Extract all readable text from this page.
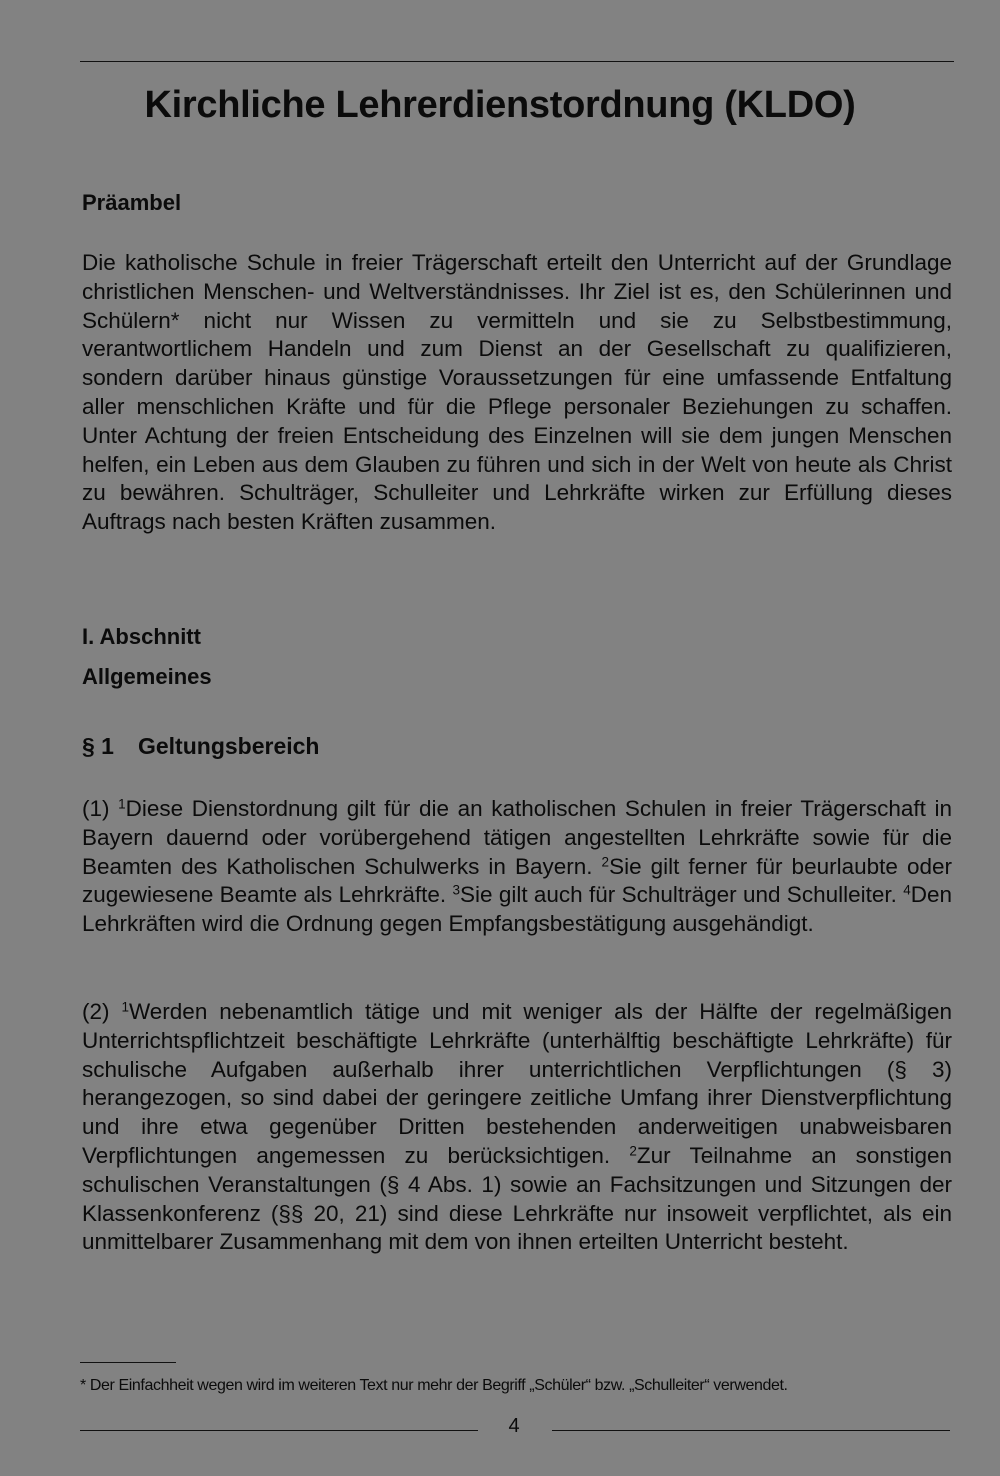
Kirchliche Lehrerdienstordnung (KLDO)
Präambel

Die katholische Schule in freier Trägerschaft erteilt den Unterricht auf der Grundlage christlichen Menschen- und Weltverständnisses. Ihr Ziel ist es, den Schülerinnen und Schülern* nicht nur Wissen zu vermitteln und sie zu Selbstbestimmung, verantwortlichem Handeln und zum Dienst an der Gesellschaft zu qualifizieren, sondern darüber hinaus günstige Voraussetzungen für eine umfassende Entfaltung aller menschlichen Kräfte und für die Pflege personaler Beziehungen zu schaffen. Unter Achtung der freien Entscheidung des Einzelnen will sie dem jungen Menschen helfen, ein Leben aus dem Glauben zu führen und sich in der Welt von heute als Christ zu bewähren. Schulträger, Schulleiter und Lehrkräfte wirken zur Erfüllung dieses Auftrags nach besten Kräften zusammen.

I. Abschnitt
Allgemeines
§ 1 Geltungsbereich

(1) $^1$Diese Dienstordnung gilt für die an katholischen Schulen in freier Trägerschaft in Bayern dauernd oder vorübergehend tätigen angestellten Lehrkräfte sowie für die Beamten des Katholischen Schulwerks in Bayern. $^2$Sie gilt ferner für beurlaubte oder zugewiesene Beamte als Lehrkräfte. $^3$Sie gilt auch für Schulträger und Schulleiter. $^4$Den Lehrkräften wird die Ordnung gegen Empfangsbestätigung ausgehändigt.

(2) $^1$Werden nebenamtlich tätige und mit weniger als der Hälfte der regelmäßigen Unterrichtspflichtzeit beschäftigte Lehrkräfte (unterhälftig beschäftigte Lehrkräfte) für schulische Aufgaben außerhalb ihrer unterrichtlichen Verpflichtungen (§ 3) herangezogen, so sind dabei der geringere zeitliche Umfang ihrer Dienstverpflichtung und ihre etwa gegenüber Dritten bestehenden anderweitigen unabweisbaren Verpflichtungen angemessen zu berücksichtigen. $^2$Zur Teilnahme an sonstigen schulischen Veranstaltungen (§ 4 Abs. 1) sowie an Fachsitzungen und Sitzungen der Klassenkonferenz (§§ 20, 21) sind diese Lehrkräfte nur insoweit verpflichtet, als ein unmittelbarer Zusammenhang mit dem von ihnen erteilten Unterricht besteht.

* Der Einfachheit wegen wird im weiteren Text nur mehr der Begriff „Schüler“ bzw. „Schulleiter“ verwendet.

4
